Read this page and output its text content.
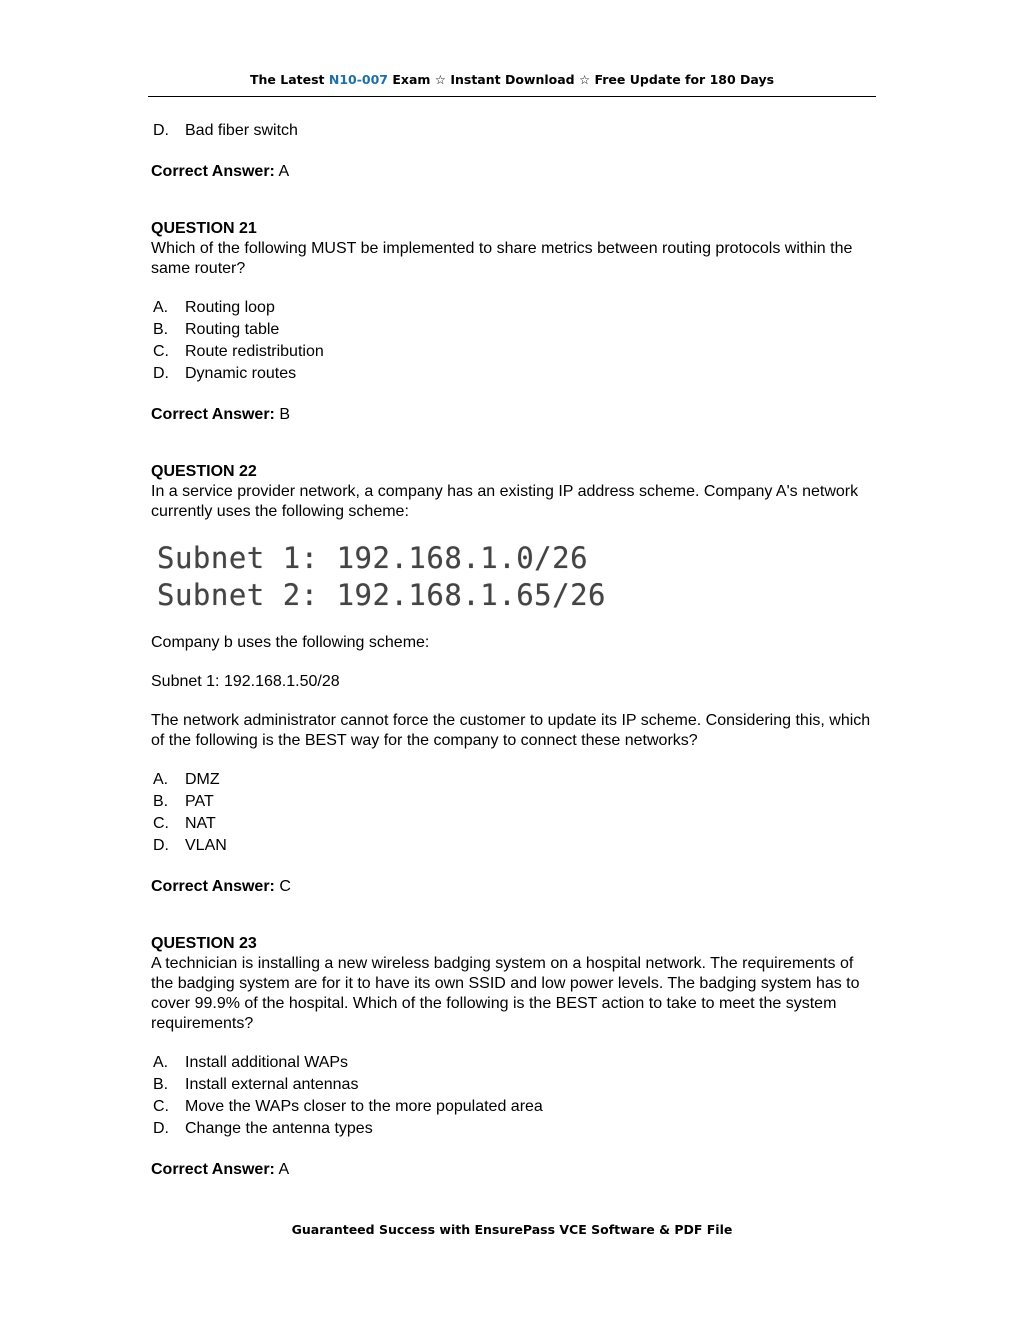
The Latest N10-007 Exam ☆ Instant Download ☆ Free Update for 180 Days
D.	Bad fiber switch
Correct Answer: A
QUESTION 21
Which of the following MUST be implemented to share metrics between routing protocols within the same router?
A.	Routing loop
B.	Routing table
C.	Route redistribution
D.	Dynamic routes
Correct Answer: B
QUESTION 22
In a service provider network, a company has an existing IP address scheme. Company A's network currently uses the following scheme:
Subnet 1: 192.168.1.0/26
Subnet 2: 192.168.1.65/26
Company b uses the following scheme:
Subnet 1: 192.168.1.50/28
The network administrator cannot force the customer to update its IP scheme. Considering this, which of the following is the BEST way for the company to connect these networks?
A.	DMZ
B.	PAT
C.	NAT
D.	VLAN
Correct Answer: C
QUESTION 23
A technician is installing a new wireless badging system on a hospital network. The requirements of the badging system are for it to have its own SSID and low power levels. The badging system has to cover 99.9% of the hospital. Which of the following is the BEST action to take to meet the system requirements?
A.	Install additional WAPs
B.	Install external antennas
C.	Move the WAPs closer to the more populated area
D.	Change the antenna types
Correct Answer: A
Guaranteed Success with EnsurePass VCE Software & PDF File
